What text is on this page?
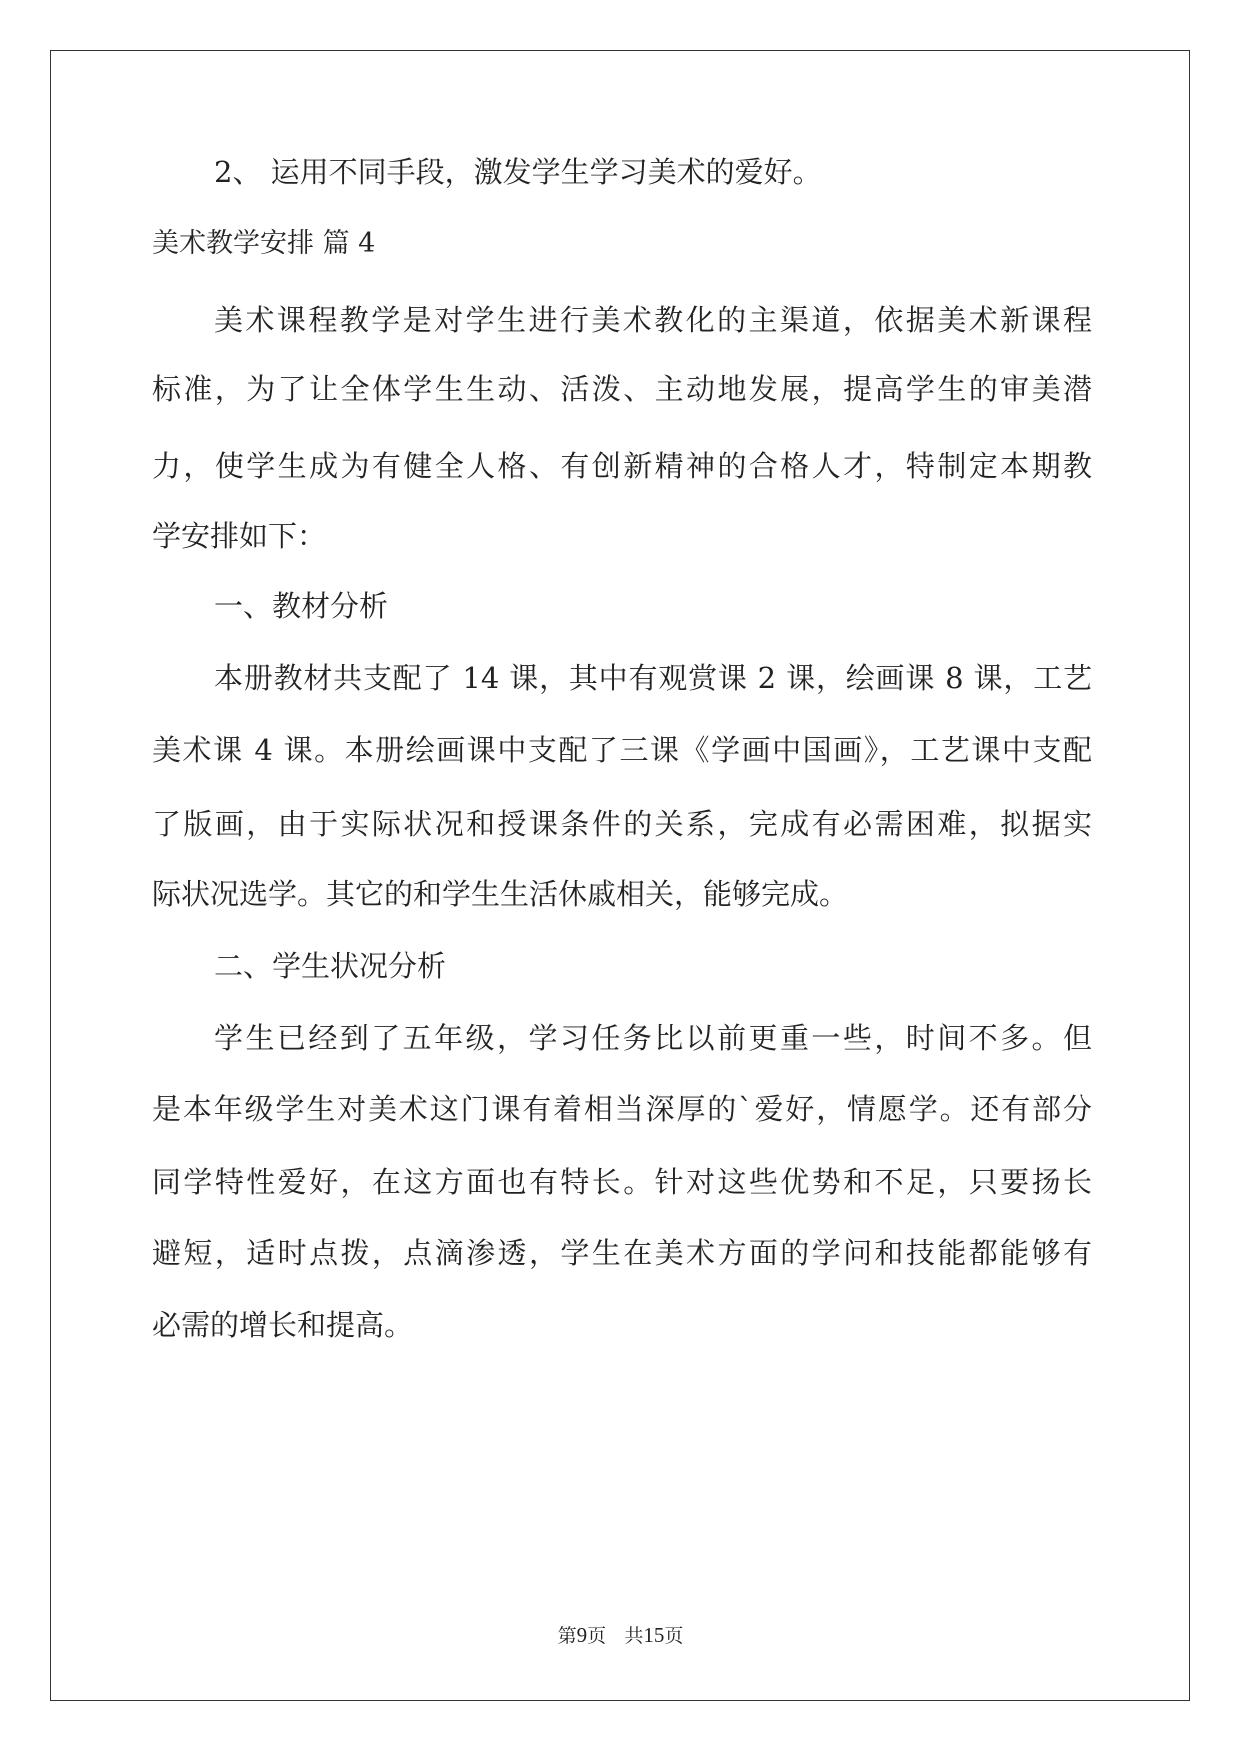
2、 运用不同手段，激发学生学习美术的爱好。
美术教学安排 篇 4
美术课程教学是对学生进行美术教化的主渠道，依据美术新课程
标准，为了让全体学生生动、活泼、主动地发展，提高学生的审美潜
力，使学生成为有健全人格、有创新精神的合格人才，特制定本期教
学安排如下：
一、教材分析
本册教材共支配了 14 课，其中有观赏课 2 课，绘画课 8 课，工艺
美术课 4 课。本册绘画课中支配了三课《学画中国画》，工艺课中支配
了版画，由于实际状况和授课条件的关系，完成有必需困难，拟据实
际状况选学。其它的和学生生活休戚相关，能够完成。
二、学生状况分析
学生已经到了五年级，学习任务比以前更重一些，时间不多。但
是本年级学生对美术这门课有着相当深厚的`爱好，情愿学。还有部分
同学特性爱好，在这方面也有特长。针对这些优势和不足，只要扬长
避短，适时点拨，点滴渗透，学生在美术方面的学问和技能都能够有
必需的增长和提高。
第9页 共15页
